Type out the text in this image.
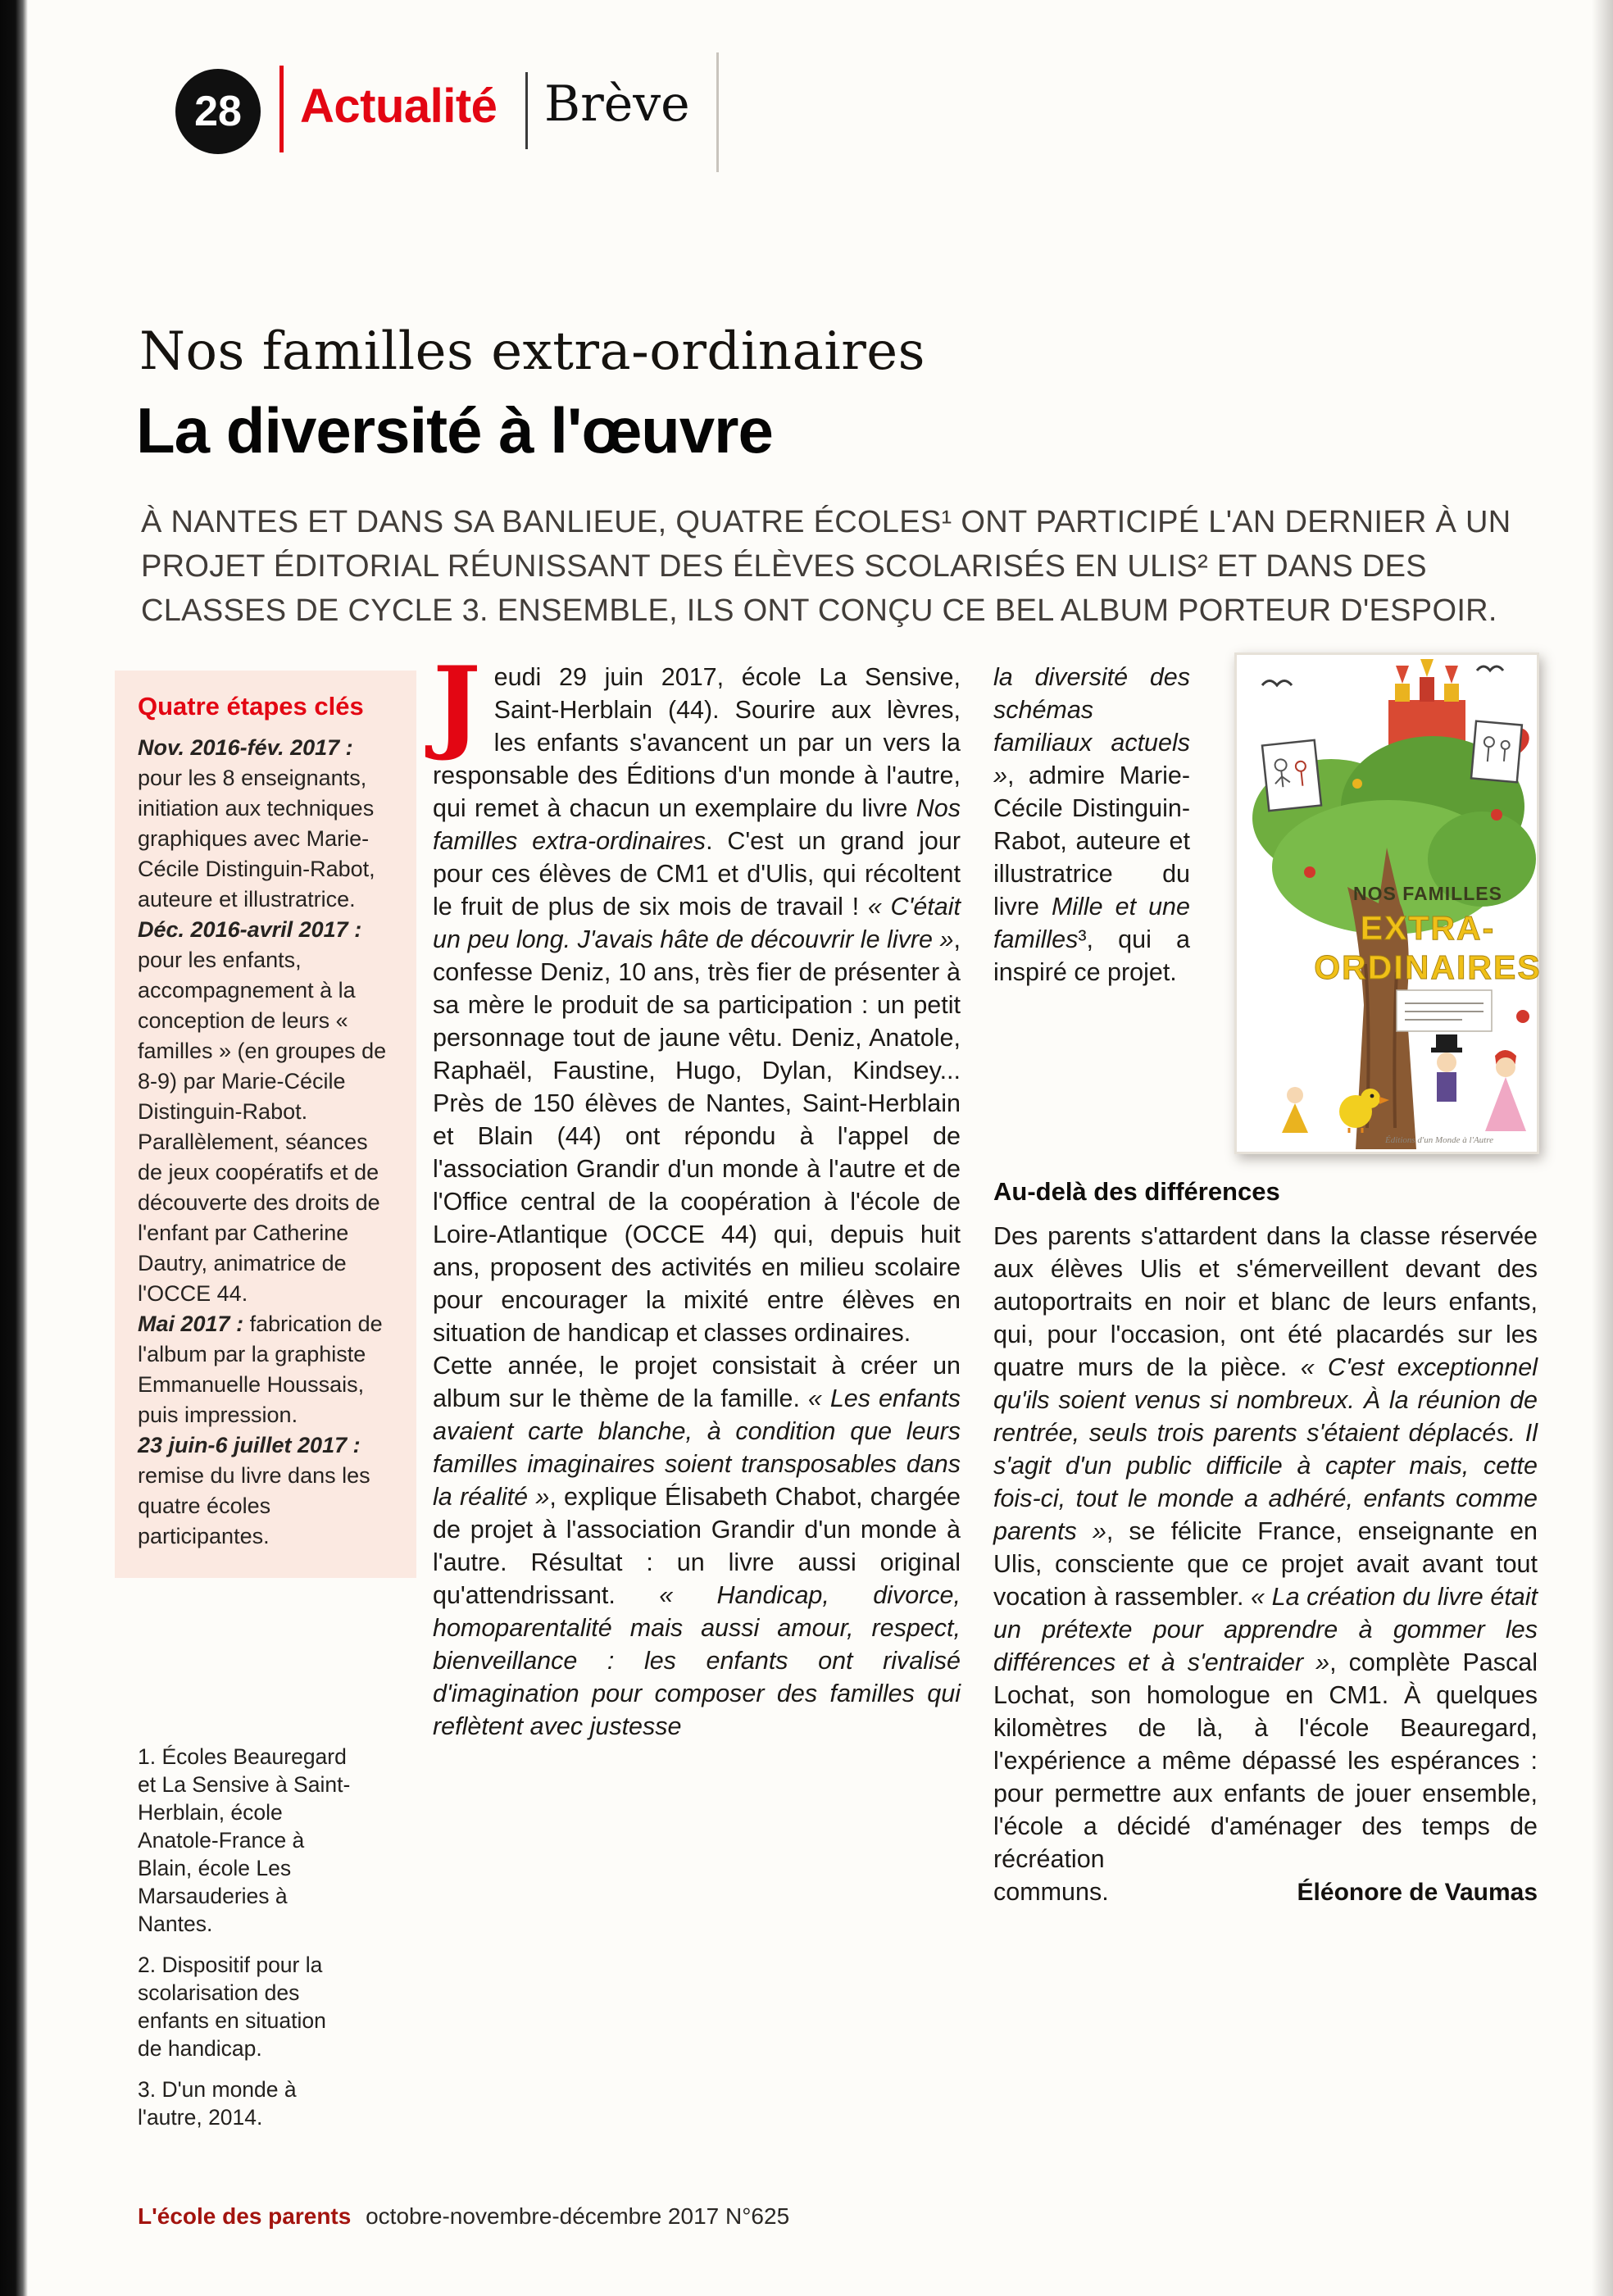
28 Actualité Brève
Nos familles extra-ordinaires
La diversité à l'œuvre
À NANTES ET DANS SA BANLIEUE, QUATRE ÉCOLES¹ ONT PARTICIPÉ L'AN DERNIER À UN PROJET ÉDITORIAL RÉUNISSANT DES ÉLÈVES SCOLARISÉS EN ULIS² ET DANS DES CLASSES DE CYCLE 3. ENSEMBLE, ILS ONT CONÇU CE BEL ALBUM PORTEUR D'ESPOIR.
Quatre étapes clés

Nov. 2016-fév. 2017 : pour les 8 enseignants, initiation aux techniques graphiques avec Marie-Cécile Distinguin-Rabot, auteure et illustratrice.

Déc. 2016-avril 2017 : pour les enfants, accompagnement à la conception de leurs « familles » (en groupes de 8-9) par Marie-Cécile Distinguin-Rabot. Parallèlement, séances de jeux coopératifs et de découverte des droits de l'enfant par Catherine Dautry, animatrice de l'OCCE 44.

Mai 2017 : fabrication de l'album par la graphiste Emmanuelle Houssais, puis impression.

23 juin-6 juillet 2017 : remise du livre dans les quatre écoles participantes.

1. Écoles Beauregard et La Sensive à Saint-Herblain, école Anatole-France à Blain, école Les Marsauderies à Nantes.

2. Dispositif pour la scolarisation des enfants en situation de handicap.

3. D'un monde à l'autre, 2014.

Jeudi 29 juin 2017, école La Sensive, Saint-Herblain (44). Sourire aux lèvres, les enfants s'avancent un par un vers la responsable des Éditions d'un monde à l'autre, qui remet à chacun un exemplaire du livre Nos familles extra-ordinaires. C'est un grand jour pour ces élèves de CM1 et d'Ulis, qui récoltent le fruit de plus de six mois de travail ! « C'était un peu long. J'avais hâte de découvrir le livre », confesse Deniz, 10 ans, très fier de présenter à sa mère le produit de sa participation : un petit personnage tout de jaune vêtu. Deniz, Anatole, Raphaël, Faustine, Hugo, Dylan, Kindsey... Près de 150 élèves de Nantes, Saint-Herblain et Blain (44) ont répondu à l'appel de l'association Grandir d'un monde à l'autre et de l'Office central de la coopération à l'école de Loire-Atlantique (OCCE 44) qui, depuis huit ans, proposent des activités en milieu scolaire pour encourager la mixité entre élèves en situation de handicap et classes ordinaires.

Cette année, le projet consistait à créer un album sur le thème de la famille. « Les enfants avaient carte blanche, à condition que leurs familles imaginaires soient transposables dans la réalité », explique Élisabeth Chabot, chargée de projet à l'association Grandir d'un monde à l'autre. Résultat : un livre aussi original qu'attendrissant. « Handicap, divorce, homoparentalité mais aussi amour, respect, bienveillance : les enfants ont rivalisé d'imagination pour composer des familles qui reflètent avec justesse

la diversité des schémas familiaux actuels », admire Marie-Cécile Distinguin-Rabot, auteure et illustratrice du livre Mille et une familles³, qui a inspiré ce projet.

NOS FAMILLES
EXTRA-
ORDINAIRES
Éditions d'un Monde à l'Autre
Au-delà des différences

Des parents s'attardent dans la classe réservée aux élèves Ulis et s'émerveillent devant des autoportraits en noir et blanc de leurs enfants, qui, pour l'occasion, ont été placardés sur les quatre murs de la pièce. « C'est exceptionnel qu'ils soient venus si nombreux. À la réunion de rentrée, seuls trois parents s'étaient déplacés. Il s'agit d'un public difficile à capter mais, cette fois-ci, tout le monde a adhéré, enfants comme parents », se félicite France, enseignante en Ulis, consciente que ce projet avait avant tout vocation à rassembler. « La création du livre était un prétexte pour apprendre à gommer les différences et à s'entraider », complète Pascal Lochat, son homologue en CM1. À quelques kilomètres de là, à l'école Beauregard, l'expérience a même dépassé les espérances : pour permettre aux enfants de jouer ensemble, l'école a décidé d'aménager des temps de récréation

communs.	Éléonore de Vaumas
L'école des parents octobre-novembre-décembre 2017 N°625
